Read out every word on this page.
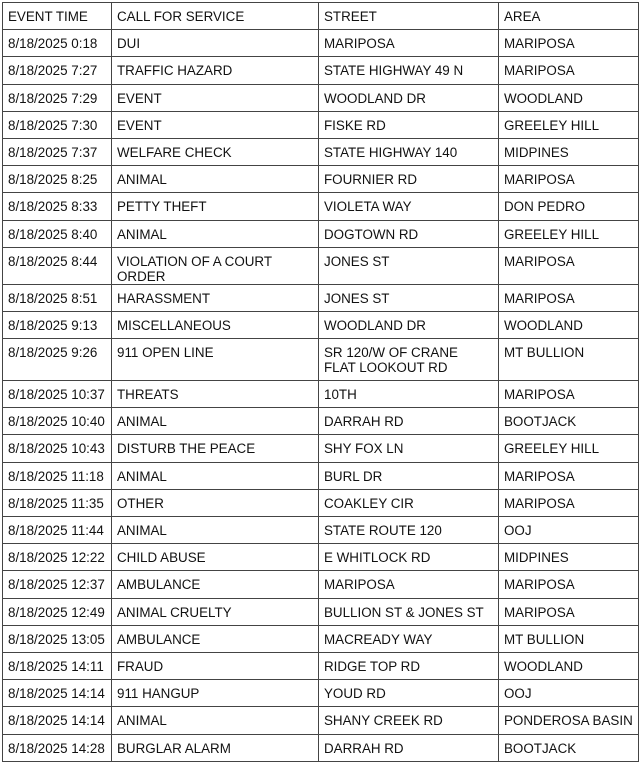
EVENT TIME	CALL FOR SERVICE	STREET	AREA
8/18/2025 0:18	DUI	MARIPOSA	MARIPOSA
8/18/2025 7:27	TRAFFIC HAZARD	STATE HIGHWAY 49 N	MARIPOSA
8/18/2025 7:29	EVENT	WOODLAND DR	WOODLAND
8/18/2025 7:30	EVENT	FISKE RD	GREELEY HILL
8/18/2025 7:37	WELFARE CHECK	STATE HIGHWAY 140	MIDPINES
8/18/2025 8:25	ANIMAL	FOURNIER RD	MARIPOSA
8/18/2025 8:33	PETTY THEFT	VIOLETA WAY	DON PEDRO
8/18/2025 8:40	ANIMAL	DOGTOWN RD	GREELEY HILL
8/18/2025 8:44	VIOLATION OF A COURT ORDER	JONES ST	MARIPOSA
8/18/2025 8:51	HARASSMENT	JONES ST	MARIPOSA
8/18/2025 9:13	MISCELLANEOUS	WOODLAND DR	WOODLAND
8/18/2025 9:26	911 OPEN LINE	SR 120/W OF CRANE FLAT LOOKOUT RD	MT BULLION
8/18/2025 10:37	THREATS	10TH	MARIPOSA
8/18/2025 10:40	ANIMAL	DARRAH RD	BOOTJACK
8/18/2025 10:43	DISTURB THE PEACE	SHY FOX LN	GREELEY HILL
8/18/2025 11:18	ANIMAL	BURL DR	MARIPOSA
8/18/2025 11:35	OTHER	COAKLEY CIR	MARIPOSA
8/18/2025 11:44	ANIMAL	STATE ROUTE 120	OOJ
8/18/2025 12:22	CHILD ABUSE	E WHITLOCK RD	MIDPINES
8/18/2025 12:37	AMBULANCE	MARIPOSA	MARIPOSA
8/18/2025 12:49	ANIMAL CRUELTY	BULLION ST & JONES ST	MARIPOSA
8/18/2025 13:05	AMBULANCE	MACREADY WAY	MT BULLION
8/18/2025 14:11	FRAUD	RIDGE TOP RD	WOODLAND
8/18/2025 14:14	911 HANGUP	YOUD RD	OOJ
8/18/2025 14:14	ANIMAL	SHANY CREEK RD	PONDEROSA BASIN
8/18/2025 14:28	BURGLAR ALARM	DARRAH RD	BOOTJACK
